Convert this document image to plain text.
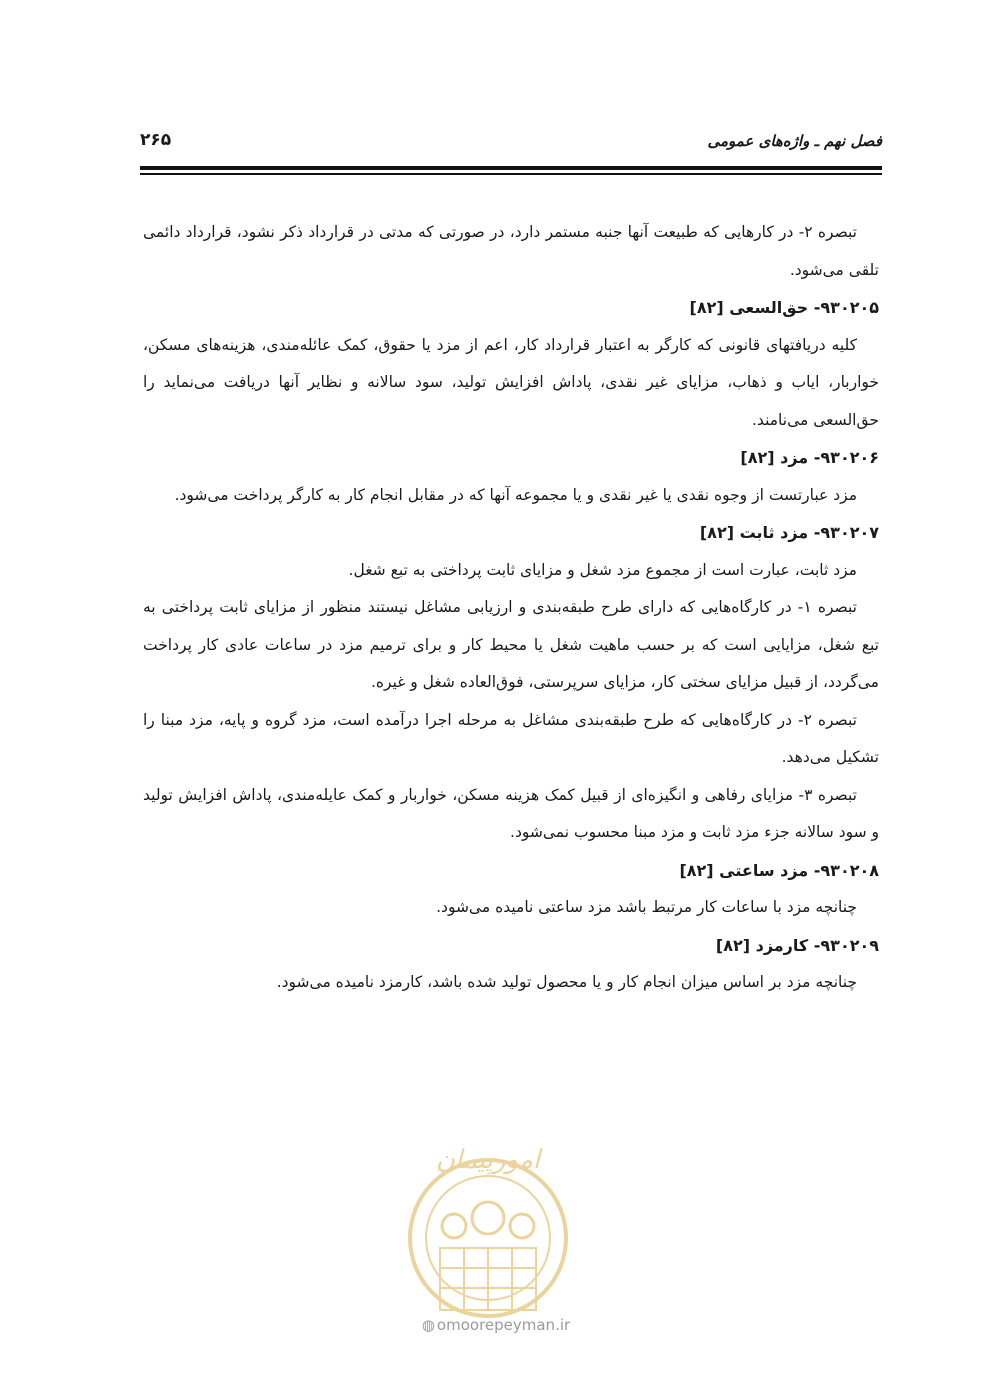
فصل نهم ـ واژه‌های عمومی
۲۶۵

تبصره ۲- در کارهایی که طبیعت آنها جنبه مستمر دارد، در صورتی که مدتی در قرارداد ذکر نشود، قرارداد دائمی تلقی می‌شود.

۹۳۰۲۰۵- حق‌السعی [۸۲]

کلیه دریافتهای قانونی که کارگر به اعتبار قرارداد کار، اعم از مزد یا حقوق، کمک عائله‌مندی، هزینه‌های مسکن، خواربار، ایاب و ذهاب، مزایای غیر نقدی، پاداش افزایش تولید، سود سالانه و نظایر آنها دریافت می‌نماید را حق‌السعی می‌نامند.

۹۳۰۲۰۶- مزد [۸۲]

مزد عبارتست از وجوه نقدی یا غیر نقدی و یا مجموعه آنها که در مقابل انجام کار به کارگر پرداخت می‌شود.

۹۳۰۲۰۷- مزد ثابت [۸۲]

مزد ثابت، عبارت است از مجموع مزد شغل و مزایای ثابت پرداختی به تبع شغل.

تبصره ۱- در کارگاه‌هایی که دارای طرح طبقه‌بندی و ارزیابی مشاغل نیستند منظور از مزایای ثابت پرداختی به تبع شغل، مزایایی است که بر حسب ماهیت شغل یا محیط کار و برای ترمیم مزد در ساعات عادی کار پرداخت می‌گردد، از قبیل مزایای سختی کار، مزایای سرپرستی، فوق‌العاده شغل و غیره.

تبصره ۲- در کارگاه‌هایی که طرح طبقه‌بندی مشاغل به مرحله اجرا درآمده است، مزد گروه و پایه، مزد مبنا را تشکیل می‌دهد.

تبصره ۳- مزایای رفاهی و انگیزه‌ای از قبیل کمک هزینه مسکن، خواربار و کمک عایله‌مندی، پاداش افزایش تولید و سود سالانه جزء مزد ثابت و مزد مبنا محسوب نمی‌شود.

۹۳۰۲۰۸- مزد ساعتی [۸۲]

چنانچه مزد با ساعات کار مرتبط باشد مزد ساعتی نامیده می‌شود.

۹۳۰۲۰۹- کارمزد [۸۲]

چنانچه مزد بر اساس میزان انجام کار و یا محصول تولید شده باشد، کارمزد نامیده می‌شود.

امورپیمان
◍ omoorepeyman.ir
